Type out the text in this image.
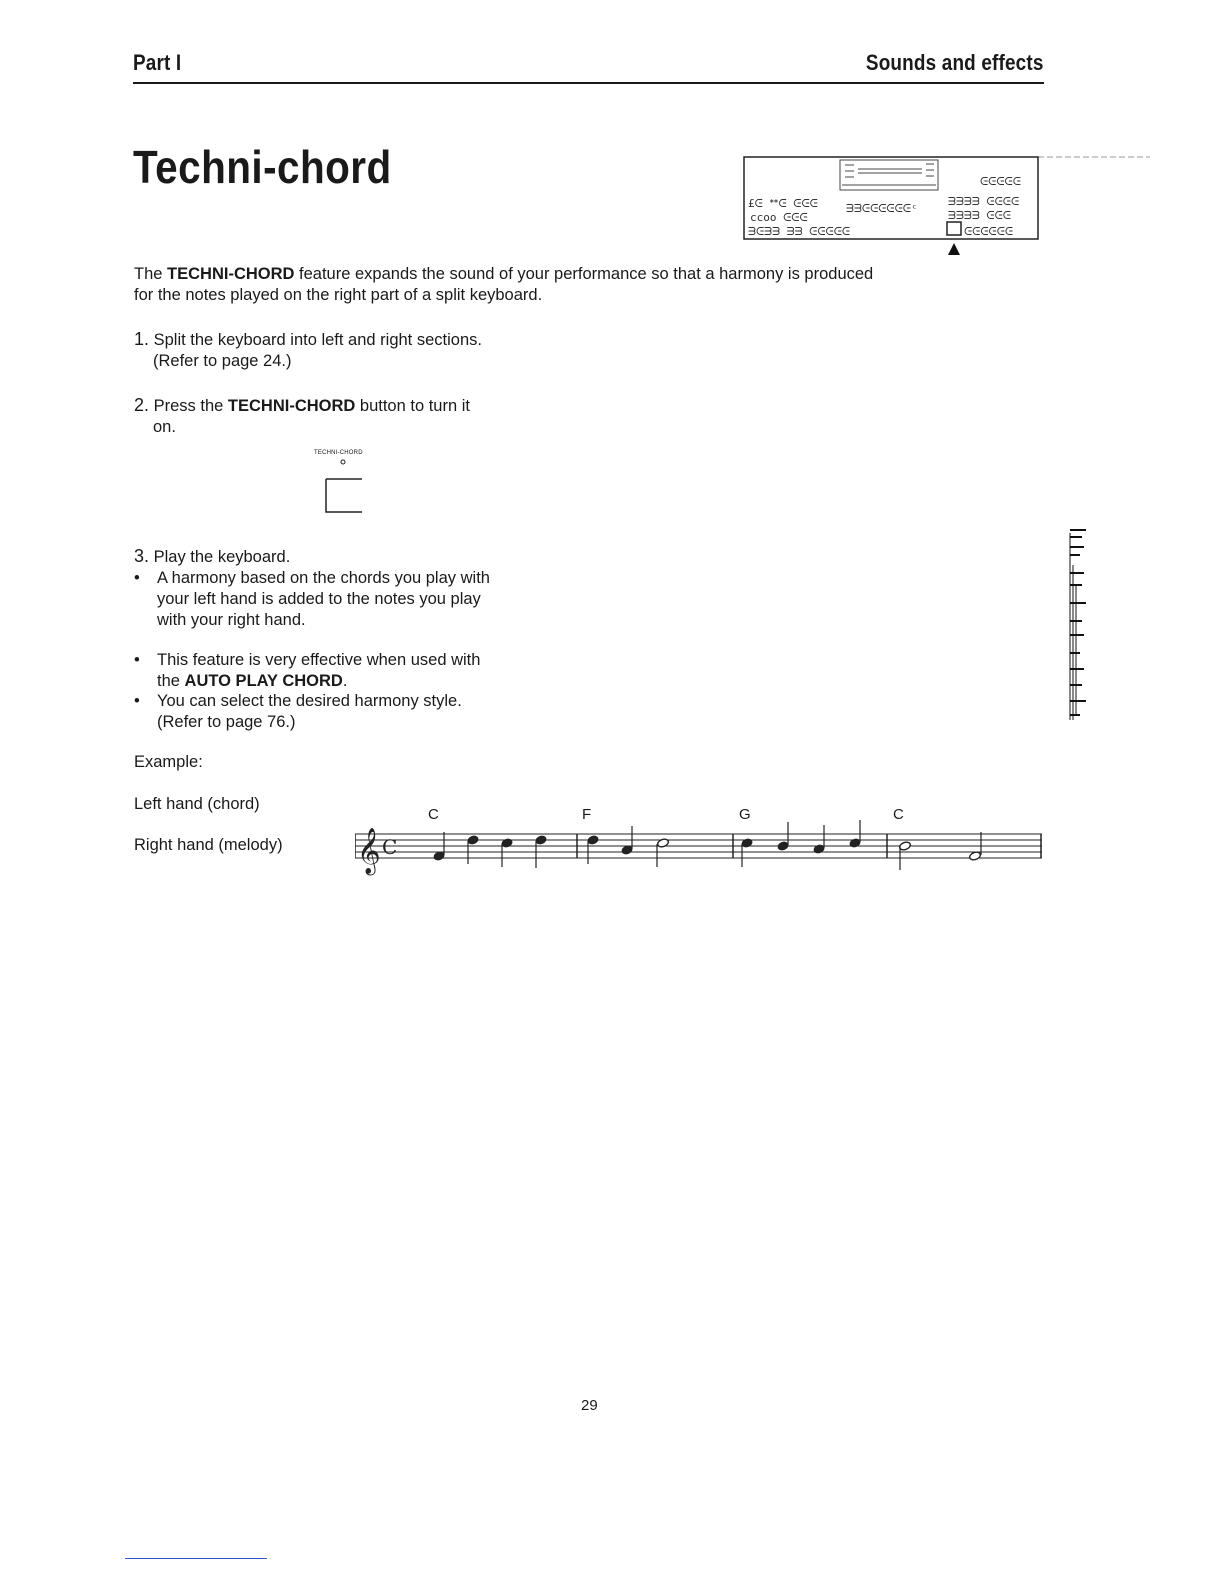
Part I	Sounds and effects
Techni-chord
£ᕮ ᕯᕮ ᕮᕮᕮ
ccoo ᕮᕮᕮ
ᗱᗱᕮᕮᕮᕮᕮᕮᶜ
ᗱᗱᗱᗱ ᕮᕮᕮᕮ
ᗱᗱᗱᗱ ᕮᕮᕮ
ᕮᕮᕮᕮᕮ
ᗱᕮᗱᗱ ᗱᗱ ᕮᕮᕮᕮᕮ	ᕮᕮᕮᕮᕮᕮ
The TECHNI-CHORD feature expands the sound of your performance so that a harmony is produced
for the notes played on the right part of a split keyboard.
1. Split the keyboard into left and right sections.
(Refer to page 24.)
2. Press the TECHNI-CHORD button to turn it
on.
TECHNI-CHORD
3. Play the keyboard.
• A harmony based on the chords you play with
your left hand is added to the notes you play
with your right hand.
• This feature is very effective when used with
the AUTO PLAY CHORD.
• You can select the desired harmony style.
(Refer to page 76.)
Example:
Left hand (chord)
Right hand (melody)
C	F	G	C
𝄞 C
29
